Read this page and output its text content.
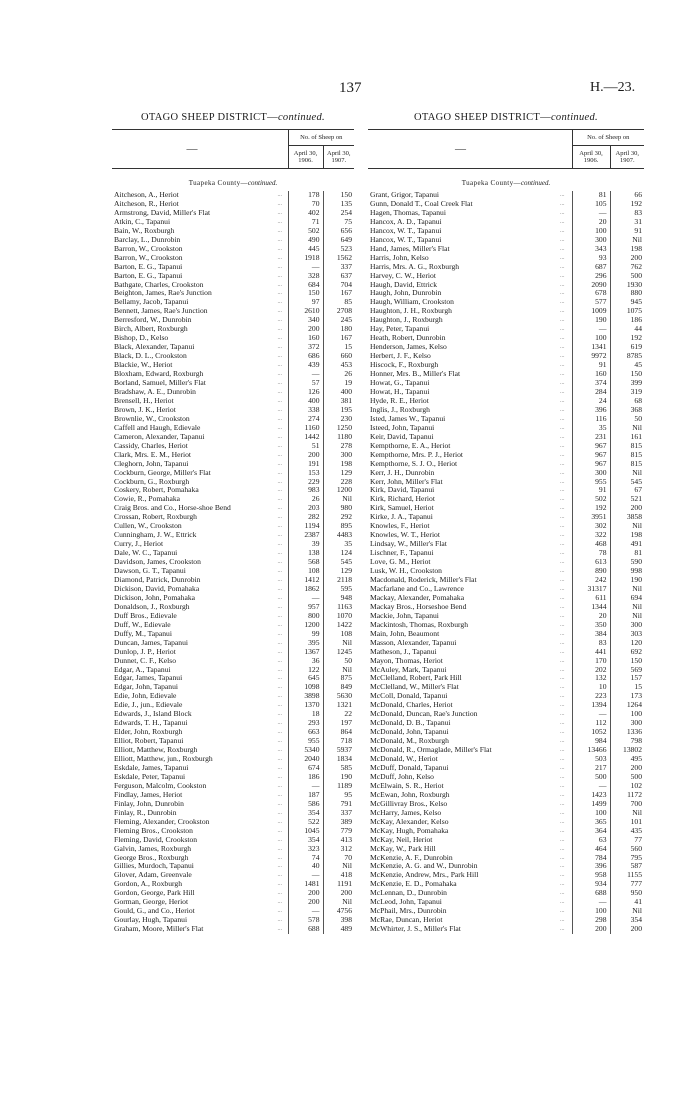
137	H.—23.
OTAGO SHEEP DISTRICT—continued.
—		No. of Sheep on	
		April 30, 1906.	April 30, 1907.
Tuapeka County—continued.
Aitcheson, A., Heriot	...	178	150
Aitcheson, R., Heriot	...	70	135
Armstrong, David, Miller's Flat	...	402	254
Atkin, C., Tapanui	...	71	75
Bain, W., Roxburgh	...	502	656
Barclay, L., Dunrobin	...	490	649
Barron, W., Crookston	...	445	523
Barron, W., Crookston	...	1918	1562
Barton, E. G., Tapanui	...	—	337
Barton, E. G., Tapanui	...	328	637
Bathgate, Charles, Crookston	...	684	704
Beighton, James, Rae's Junction	...	150	167
Bellamy, Jacob, Tapanui	...	97	85
Bennett, James, Rae's Junction	...	2610	2708
Berresford, W., Dunrobin	...	340	245
Birch, Albert, Roxburgh	...	200	180
Bishop, D., Kelso	...	160	167
Black, Alexander, Tapanui	...	372	15
Black, D. L., Crookston	...	686	660
Blackie, W., Heriot	...	439	453
Bloxham, Edward, Roxburgh	...	—	26
Borland, Samuel, Miller's Flat	...	57	19
Bradshaw, A. E., Dunrobin	...	126	400
Brensell, H., Heriot	...	400	381
Brown, J. K., Heriot	...	338	195
Brownlie, W., Crookston	...	274	230
Caffell and Haugh, Edievale	...	1160	1250
Cameron, Alexander, Tapanui	...	1442	1180
Cassidy, Charles, Heriot	...	51	278
Clark, Mrs. E. M., Heriot	...	200	300
Cleghorn, John, Tapanui	...	191	198
Cockburn, George, Miller's Flat	...	153	129
Cockburn, G., Roxburgh	...	229	228
Coskery, Robert, Pomahaka	...	983	1200
Cowie, R., Pomahaka	...	26	Nil
Craig Bros. and Co., Horse-shoe Bend	...	203	980
Crossan, Robert, Roxburgh	...	282	292
Cullen, W., Crookston	...	1194	895
Cunningham, J. W., Ettrick	...	2387	4483
Curry, J., Heriot	...	39	35
Dale, W. C., Tapanui	...	138	124
Davidson, James, Crookston	...	568	545
Dawson, G. T., Tapanui	...	108	129
Diamond, Patrick, Dunrobin	...	1412	2118
Dickison, David, Pomahaka	...	1862	595
Dickison, John, Pomahaka	...	—	948
Donaldson, J., Roxburgh	...	957	1163
Duff Bros., Edievale	...	800	1070
Duff, W., Edievale	...	1200	1422
Duffy, M., Tapanui	...	99	108
Duncan, James, Tapanui	...	395	Nil
Dunlop, J. P., Heriot	...	1367	1245
Dunnet, C. F., Kelso	...	36	50
Edgar, A., Tapanui	...	122	Nil
Edgar, James, Tapanui	...	645	875
Edgar, John, Tapanui	...	1098	849
Edie, John, Edievale	...	3898	5630
Edie, J., jun., Edievale	...	1370	1321
Edwards, J., Island Block	...	18	22
Edwards, T. H., Tapanui	...	293	197
Elder, John, Roxburgh	...	663	864
Elliot, Robert, Tapanui	...	955	718
Elliott, Matthew, Roxburgh	...	5340	5937
Elliott, Matthew, jun., Roxburgh	...	2040	1834
Eskdale, James, Tapanui	...	674	585
Eskdale, Peter, Tapanui	...	186	190
Ferguson, Malcolm, Cookston	...	—	1189
Findlay, James, Heriot	...	187	95
Finlay, John, Dunrobin	...	586	791
Finlay, R., Dunrobin	...	354	337
Fleming, Alexander, Crookston	...	522	389
Fleming Bros., Crookston	...	1045	779
Fleming, David, Crookston	...	354	413
Galvin, James, Roxburgh	...	323	312
George Bros., Roxburgh	...	74	70
Gillies, Murdoch, Tapanui	...	40	Nil
Glover, Adam, Greenvale	...	—	418
Gordon, A., Roxburgh	...	1481	1191
Gordon, George, Park Hill	...	200	200
Gorman, George, Heriot	...	200	Nil
Gould, G., and Co., Heriot	...	—	4756
Gourlay, Hugh, Tapanui	...	578	398
Graham, Moore, Miller's Flat	...	688	489
OTAGO SHEEP DISTRICT—continued.
—		No. of Sheep on	
		April 30, 1906.	April 30, 1907.
Tuapeka County—continued.
Grant, Grigor, Tapanui	...	81	66
Gunn, Donald T., Coal Creek Flat	...	105	192
Hagen, Thomas, Tapanui	...	—	83
Hancox, A. D., Tapanui	...	20	31
Hancox, W. T., Tapanui	...	100	91
Hancox, W. T., Tapanui	...	300	Nil
Hand, James, Miller's Flat	...	343	198
Harris, John, Kelso	...	93	200
Harris, Mrs. A. G., Roxburgh	...	687	762
Harvey, C. W., Heriot	...	296	500
Haugh, David, Ettrick	...	2090	1930
Haugh, John, Dunrobin	...	678	880
Haugh, William, Crookston	...	577	945
Haughton, J. H., Roxburgh	...	1009	1075
Haughton, J., Roxburgh	...	190	186
Hay, Peter, Tapanui	...	—	44
Heath, Robert, Dunrobin	...	100	192
Henderson, James, Kelso	...	1341	619
Herbert, J. F., Kelso	...	9972	8785
Hiscock, F., Roxburgh	...	91	45
Honner, Mrs. B., Miller's Flat	...	160	150
Howat, G., Tapanui	...	374	399
Howat, H., Tapanui	...	284	319
Hyde, R. E., Heriot	...	24	68
Inglis, J., Roxburgh	...	396	368
Isted, James W., Tapanui	...	116	50
Isteed, John, Tapanui	...	35	Nil
Keir, David, Tapanui	...	231	161
Kempthorne, E. A., Heriot	...	967	815
Kempthorne, Mrs. P. J., Heriot	...	967	815
Kempthorne, S. J. O., Heriot	...	967	815
Kerr, J. H., Dunrobin	...	300	Nil
Kerr, John, Miller's Flat	...	955	545
Kirk, David, Tapanui	...	91	67
Kirk, Richard, Heriot	...	502	521
Kirk, Samuel, Heriot	...	192	200
Kirke, J. A., Tapanui	...	3951	3858
Knowles, F., Heriot	...	302	Nil
Knowles, W. T., Heriot	...	322	198
Lindsay, W., Miller's Flat	...	468	491
Lischner, F., Tapanui	...	78	81
Love, G. M., Heriot	...	613	590
Lusk, W. H., Crookston	...	890	998
Macdonald, Roderick, Miller's Flat	...	242	190
Macfarlane and Co., Lawrence	...	31317	Nil
Mackay, Alexander, Pomahaka	...	611	694
Mackay Bros., Horseshoe Bend	...	1344	Nil
Mackie, John, Tapanui	...	20	Nil
Mackintosh, Thomas, Roxburgh	...	350	300
Main, John, Beaumont	...	384	303
Masson, Alexander, Tapanui	...	83	120
Matheson, J., Tapanui	...	441	692
Mayon, Thomas, Heriot	...	170	150
McAuley, Mark, Tapanui	...	202	569
McClelland, Robert, Park Hill	...	132	157
McClelland, W., Miller's Flat	...	10	15
McColl, Donald, Tapanui	...	223	173
McDonald, Charles, Heriot	...	1394	1264
McDonald, Duncan, Rae's Junction	...	—	100
McDonald, D. B., Tapanui	...	112	300
McDonald, John, Tapanui	...	1052	1336
McDonald, M., Roxburgh	...	984	798
McDonald, R., Ormaglade, Miller's Flat	...	13466	13802
McDonald, W., Heriot	...	503	495
McDuff, Donald, Tapanui	...	217	200
McDuff, John, Kelso	...	500	500
McElwain, S. R., Heriot	...	—	102
McEwan, John, Roxburgh	...	1423	1172
McGillivray Bros., Kelso	...	1499	700
McHarry, James, Kelso	...	100	Nil
McKay, Alexander, Kelso	...	365	101
McKay, Hugh, Pomahaka	...	364	435
McKay, Neil, Heriot	...	63	77
McKay, W., Park Hill	...	464	560
McKenzie, A. F., Dunrobin	...	784	795
McKenzie, A. G. and W., Dunrobin	...	396	587
McKenzie, Andrew, Mrs., Park Hill	...	958	1155
McKenzie, E. D., Pomahaka	...	934	777
McLennan, D., Dunrobin	...	688	950
McLeod, John, Tapanui	...	—	41
McPhail, Mrs., Dunrobin	...	100	Nil
McRae, Duncan, Heriot	...	298	354
McWhirter, J. S., Miller's Flat	...	200	200
